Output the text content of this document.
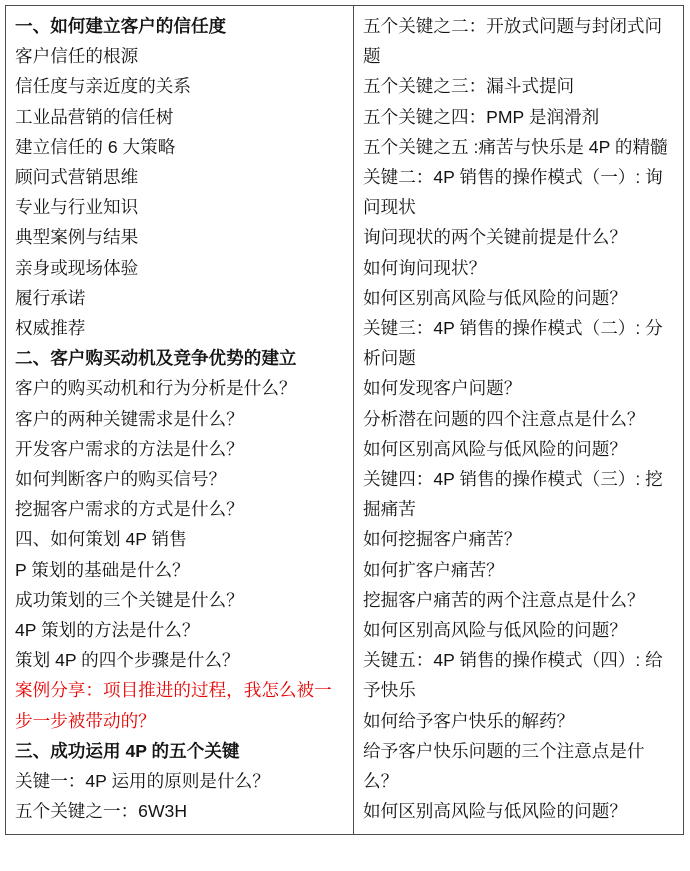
一、如何建立客户的信任度

客户信任的根源

信任度与亲近度的关系

工业品营销的信任树

建立信任的 6 大策略

顾问式营销思维

专业与行业知识

典型案例与结果

亲身或现场体验

履行承诺

权威推荐

二、客户购买动机及竞争优势的建立

客户的购买动机和行为分析是什么？

客户的两种关键需求是什么？

开发客户需求的方法是什么？

如何判断客户的购买信号？

挖掘客户需求的方式是什么？

四、如何策划 4P 销售

P 策划的基础是什么？

成功策划的三个关键是什么？

4P 策划的方法是什么？

策划 4P 的四个步骤是什么？

案例分享：项目推进的过程，我怎么被一步一步被带动的？

三、成功运用 4P 的五个关键

关键一：4P 运用的原则是什么？

五个关键之一：6W3H

五个关键之二：开放式问题与封闭式问题

五个关键之三：漏斗式提问

五个关键之四：PMP 是润滑剂

五个关键之五 :痛苦与快乐是 4P 的精髓

关键二：4P 销售的操作模式（一）: 询问现状

询问现状的两个关键前提是什么？

如何询问现状？

如何区别高风险与低风险的问题？

关键三：4P 销售的操作模式（二）: 分析问题

如何发现客户问题？

分析潜在问题的四个注意点是什么？

如何区别高风险与低风险的问题？

关键四：4P 销售的操作模式（三）: 挖掘痛苦

如何挖掘客户痛苦？

如何扩客户痛苦？

挖掘客户痛苦的两个注意点是什么？

如何区别高风险与低风险的问题？

关键五：4P 销售的操作模式（四）: 给予快乐

如何给予客户快乐的解药？

给予客户快乐问题的三个注意点是什么？

如何区别高风险与低风险的问题？
